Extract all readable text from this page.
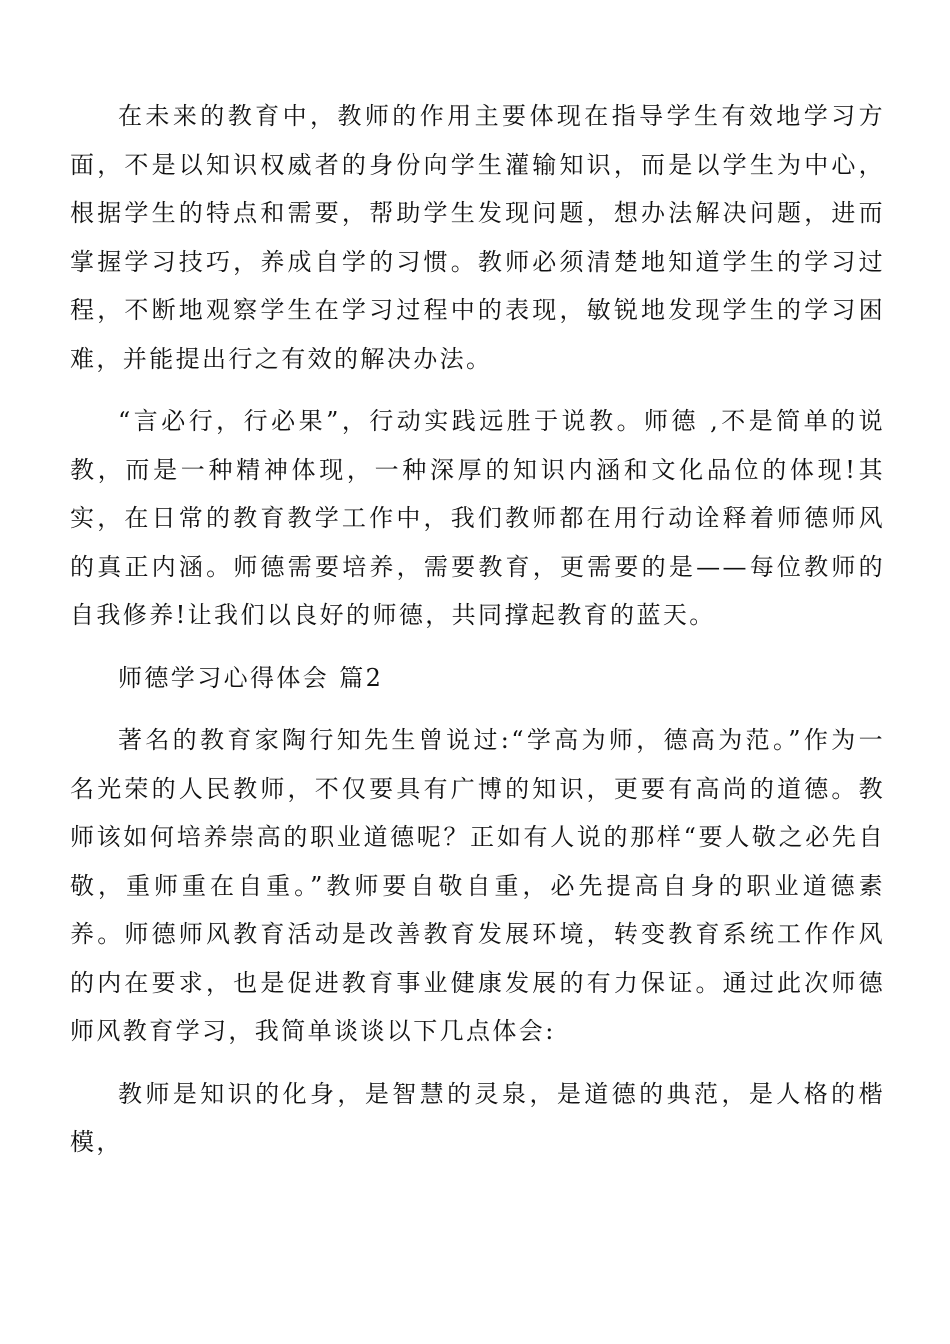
在未来的教育中，教师的作用主要体现在指导学生有效地学习方面，不是以知识权威者的身份向学生灌输知识，而是以学生为中心，根据学生的特点和需要，帮助学生发现问题，想办法解决问题，进而掌握学习技巧，养成自学的习惯。教师必须清楚地知道学生的学习过程，不断地观察学生在学习过程中的表现，敏锐地发现学生的学习困难，并能提出行之有效的解决办法。

“言必行，行必果”，行动实践远胜于说教。师德 ,不是简单的说教，而是一种精神体现，一种深厚的知识内涵和文化品位的体现!其实，在日常的教育教学工作中，我们教师都在用行动诠释着师德师风的真正内涵。师德需要培养，需要教育，更需要的是——每位教师的自我修养!让我们以良好的师德，共同撑起教育的蓝天。

师德学习心得体会 篇2

著名的教育家陶行知先生曾说过:“学高为师，德高为范。”作为一名光荣的人民教师，不仅要具有广博的知识，更要有高尚的道德。教师该如何培养崇高的职业道德呢？正如有人说的那样“要人敬之必先自敬，重师重在自重。”教师要自敬自重，必先提高自身的职业道德素养。师德师风教育活动是改善教育发展环境，转变教育系统工作作风的内在要求，也是促进教育事业健康发展的有力保证。通过此次师德师风教育学习，我简单谈谈以下几点体会:

教师是知识的化身，是智慧的灵泉，是道德的典范，是人格的楷模，
